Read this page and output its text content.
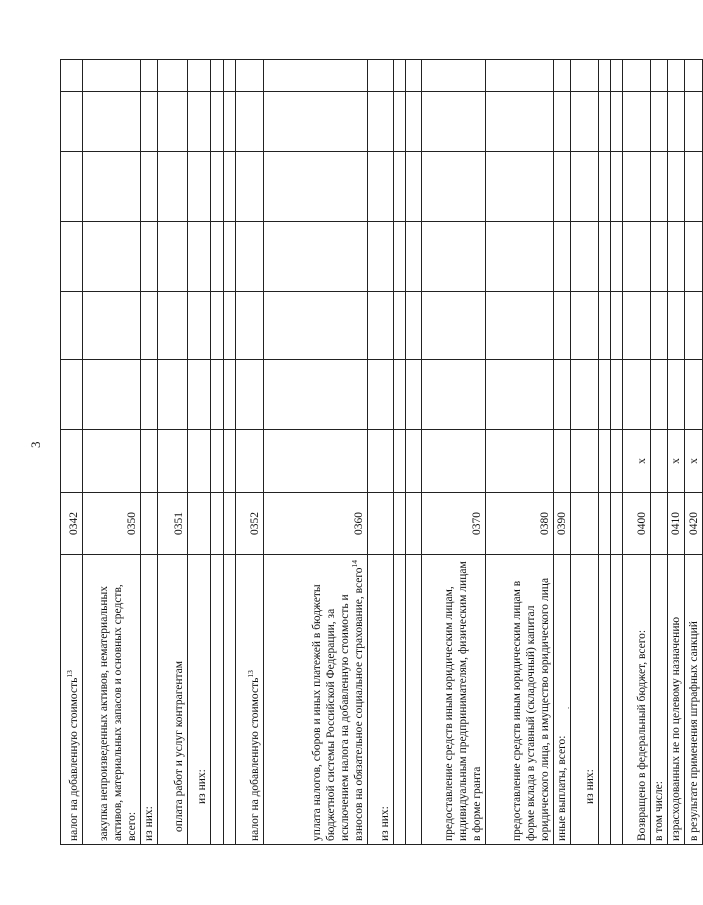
3
·
налог на добавленную стоимость$^{13}$	0342							
закупка непроизведенных активов, нематериальных активов, материальных запасов и основных средств, всего:	0350							
из них:								
оплата работ и услуг контрагентам	0351							
из них:								

налог на добавленную стоимость$^{13}$	0352							
уплата налогов, сборов и иных платежей в бюджеты бюджетной системы Российской Федерации, за исключением налога на добавленную стоимость и взносов на обязательное социальное страхование, всего$^{14}$	0360							
из них:								

предоставление средств иным юридическим лицам, индивидуальным предпринимателям, физическим лицам в форме гранта	0370							
предоставление средств иным юридическим лицам в форме вклада в уставный (складочный) капитал юридического лица, в имущество юридического лица	0380							
иные выплаты, всего:	0390							
из них:								

Возвращено в федеральный бюджет, всего:	0400	x						
в том числе:								
израсходованных не по целевому назначению	0410	x						
в результате применения штрафных санкций	0420	x						
